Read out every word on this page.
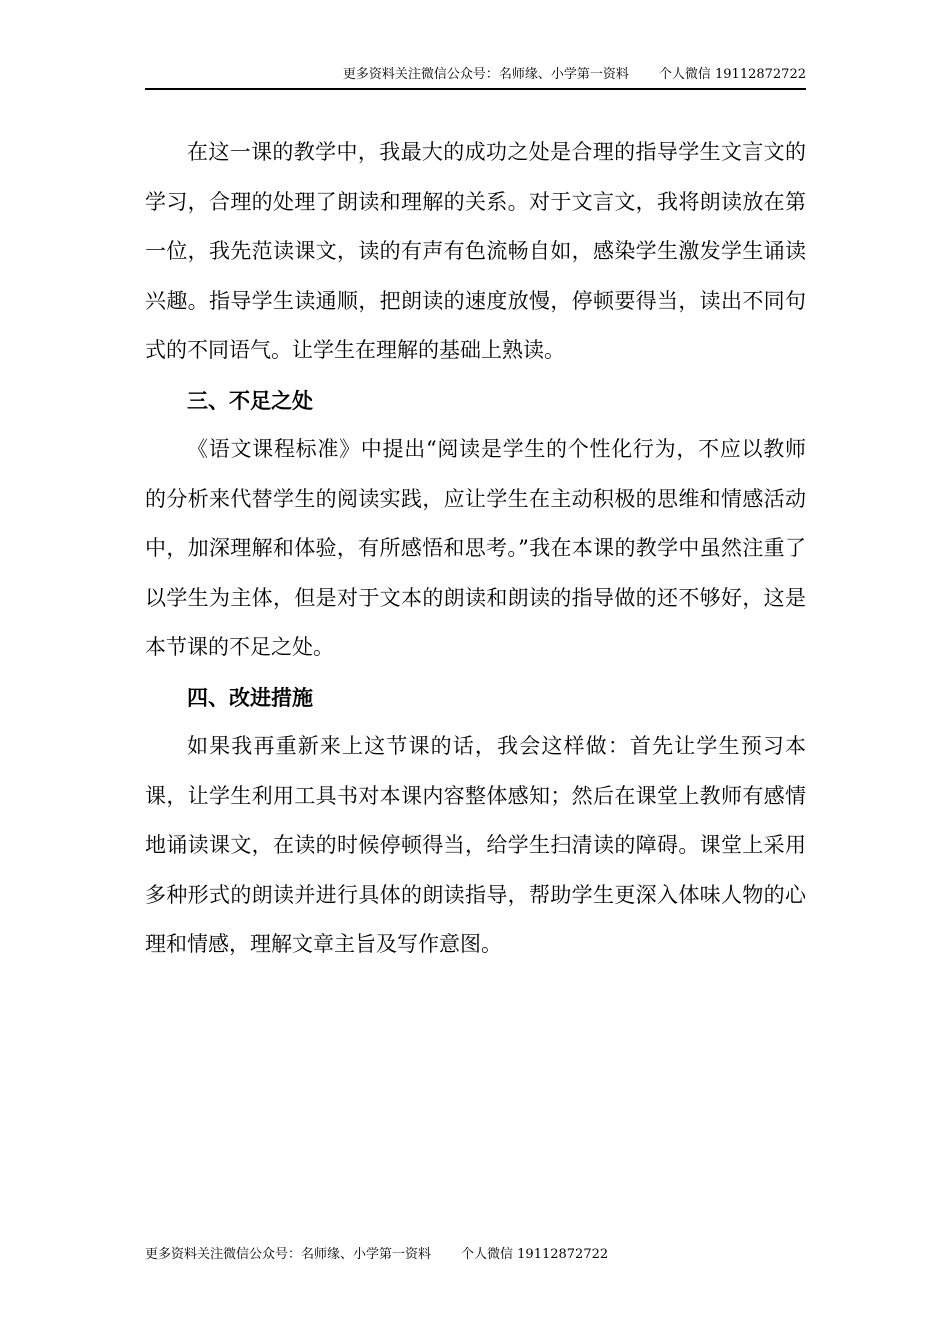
更多资料关注微信公众号：名师缘、小学第一资料 个人微信 19112872722

在这一课的教学中，我最大的成功之处是合理的指导学生文言文的学习，合理的处理了朗读和理解的关系。对于文言文，我将朗读放在第一位，我先范读课文，读的有声有色流畅自如，感染学生激发学生诵读兴趣。指导学生读通顺，把朗读的速度放慢，停顿要得当，读出不同句式的不同语气。让学生在理解的基础上熟读。

三、不足之处

《语文课程标准》中提出“阅读是学生的个性化行为，不应以教师的分析来代替学生的阅读实践，应让学生在主动积极的思维和情感活动中，加深理解和体验，有所感悟和思考。”我在本课的教学中虽然注重了以学生为主体，但是对于文本的朗读和朗读的指导做的还不够好，这是本节课的不足之处。

四、改进措施

如果我再重新来上这节课的话，我会这样做：首先让学生预习本课，让学生利用工具书对本课内容整体感知；然后在课堂上教师有感情地诵读课文，在读的时候停顿得当，给学生扫清读的障碍。课堂上采用多种形式的朗读并进行具体的朗读指导，帮助学生更深入体味人物的心理和情感，理解文章主旨及写作意图。

更多资料关注微信公众号：名师缘、小学第一资料 个人微信 19112872722
